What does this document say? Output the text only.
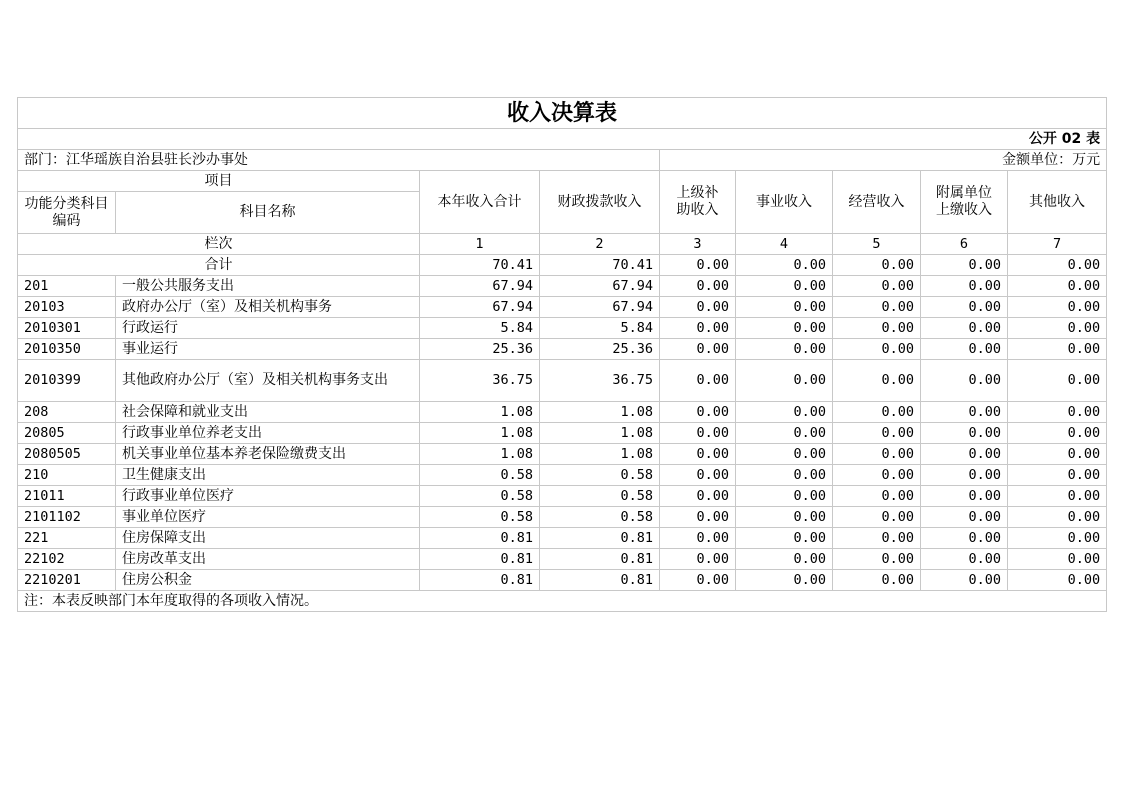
收入决算表								
公开 02 表								
部门：江华瑶族自治县驻长沙办事处				金额单位：万元				
项目		本年收入合计	财政拨款收入	上级补助收入	事业收入	经营收入	附属单位上缴收入	其他收入
功能分类科目编码	科目名称							
栏次		1	2	3	4	5	6	7
合计		70.41	70.41	0.00	0.00	0.00	0.00	0.00
201	一般公共服务支出	67.94	67.94	0.00	0.00	0.00	0.00	0.00
20103	政府办公厅（室）及相关机构事务	67.94	67.94	0.00	0.00	0.00	0.00	0.00
2010301	行政运行	5.84	5.84	0.00	0.00	0.00	0.00	0.00
2010350	事业运行	25.36	25.36	0.00	0.00	0.00	0.00	0.00
2010399	其他政府办公厅（室）及相关机构事务支出	36.75	36.75	0.00	0.00	0.00	0.00	0.00
208	社会保障和就业支出	1.08	1.08	0.00	0.00	0.00	0.00	0.00
20805	行政事业单位养老支出	1.08	1.08	0.00	0.00	0.00	0.00	0.00
2080505	机关事业单位基本养老保险缴费支出	1.08	1.08	0.00	0.00	0.00	0.00	0.00
210	卫生健康支出	0.58	0.58	0.00	0.00	0.00	0.00	0.00
21011	行政事业单位医疗	0.58	0.58	0.00	0.00	0.00	0.00	0.00
2101102	事业单位医疗	0.58	0.58	0.00	0.00	0.00	0.00	0.00
221	住房保障支出	0.81	0.81	0.00	0.00	0.00	0.00	0.00
22102	住房改革支出	0.81	0.81	0.00	0.00	0.00	0.00	0.00
2210201	住房公积金	0.81	0.81	0.00	0.00	0.00	0.00	0.00
注：本表反映部门本年度取得的各项收入情况。								
